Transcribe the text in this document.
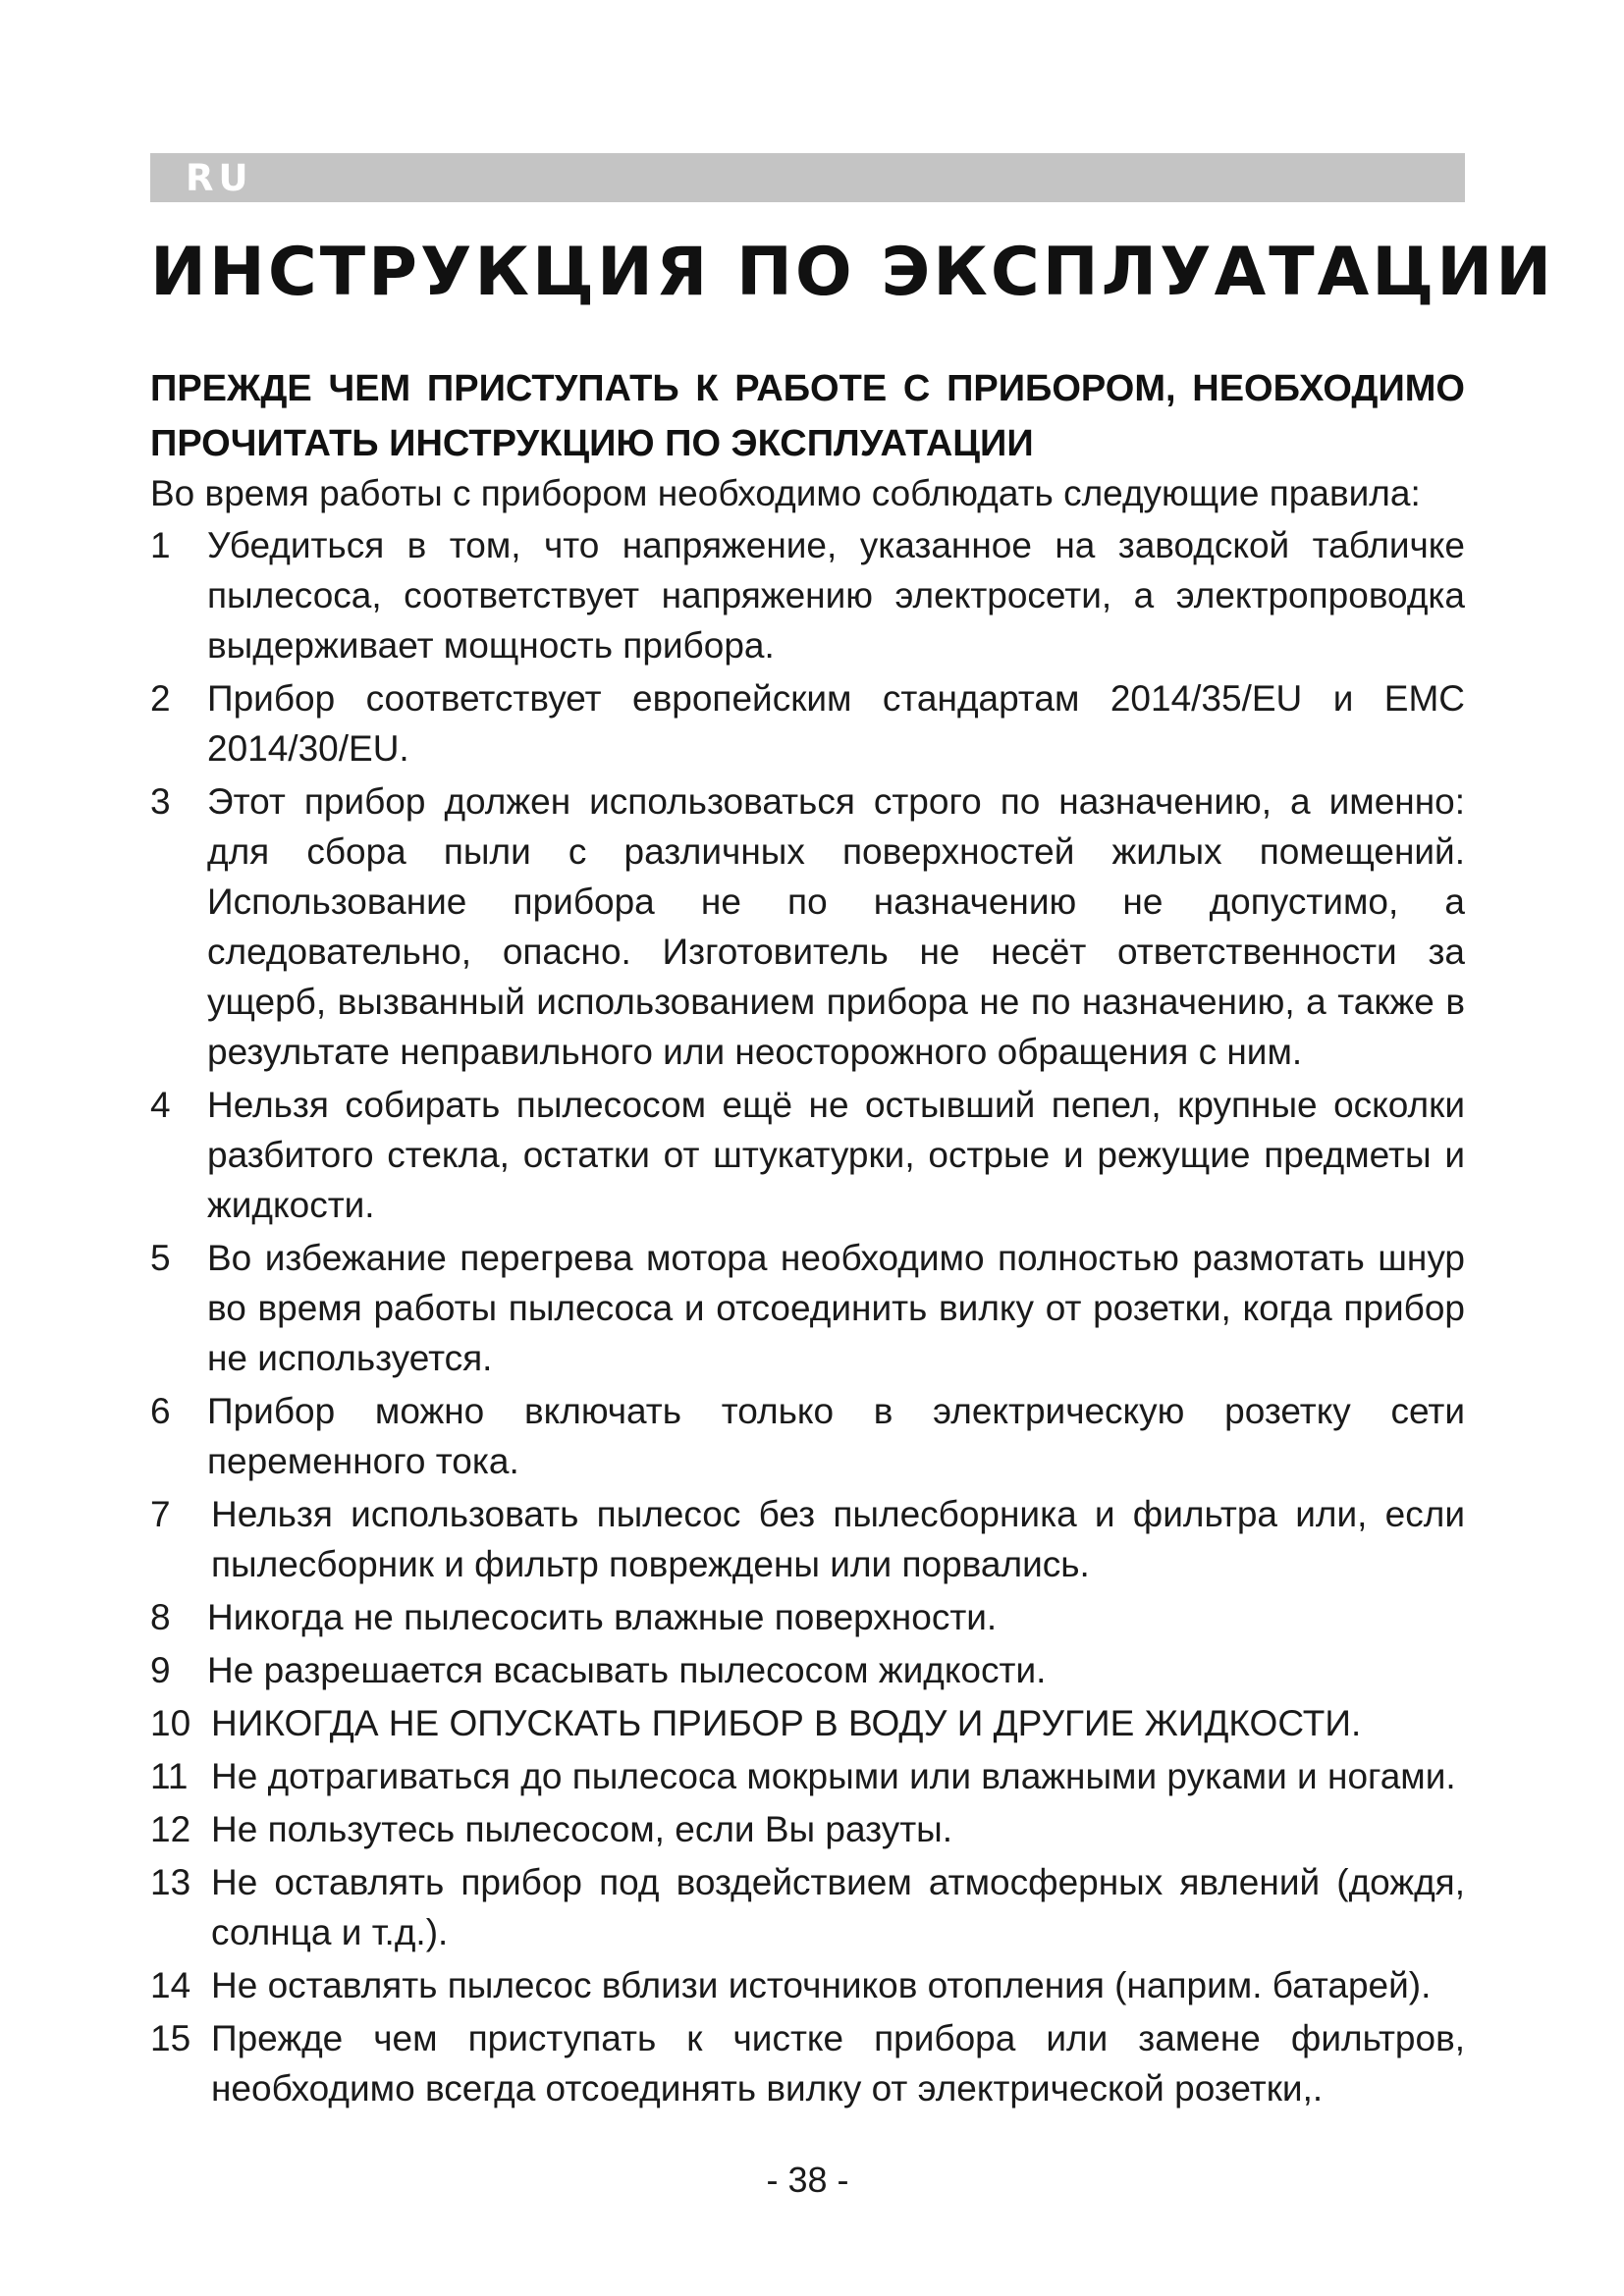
RU
ИНСТРУКЦИЯ ПО ЭКСПЛУАТАЦИИ

ПРЕЖДЕ ЧЕМ ПРИСТУПАТЬ К РАБОТЕ С ПРИБОРОМ, НЕОБХОДИМО ПРОЧИТАТЬ ИНСТРУКЦИЮ ПО ЭКСПЛУАТАЦИИ

Во время работы с прибором необходимо соблюдать следующие правила:

1	Убедиться в том, что напряжение, указанное на заводской табличке пылесоса, соответствует напряжению электросети, а электропроводка выдерживает мощность прибора.
2	Прибор соответствует европейским стандартам 2014/35/EU и EMC 2014/30/EU.
3	Этот прибор должен использоваться строго по назначению, а именно: для сбора пыли с различных поверхностей жилых помещений. Использование прибора не по назначению не допустимо, а следовательно, опасно. Изготовитель не несёт ответственности за ущерб, вызванный использованием прибора не по назначению, а также в результате неправильного или неосторожного обращения с ним.
4	Нельзя собирать пылесосом ещё не остывший пепел, крупные осколки разбитого стекла, остатки от штукатурки, острые и режущие предметы и жидкости.
5	Во избежание перегрева мотора необходимо полностью размотать шнур во время работы пылесоса и отсоединить вилку от розетки, когда прибор не используется.
6	Прибор можно включать только в электрическую розетку сети переменного тока.
7	Нельзя использовать пылесос без пылесборника и фильтра или, если пылесборник и фильтр повреждены или порвались.
8	Никогда не пылесосить влажные поверхности.
9	Не разрешается всасывать пылесосом жидкости.
10 НИКОГДА НЕ ОПУСКАТЬ ПРИБОР В ВОДУ И ДРУГИЕ ЖИДКОСТИ.
11 Не дотрагиваться до пылесоса мокрыми или влажными руками и ногами.
12 Не пользутесь пылесосом, если Вы разуты.
13 Не оставлять прибор под воздействием атмосферных явлений (дождя, солнца и т.д.).
14 Не оставлять пылесос вблизи источников отопления (наприм. батарей).
15 Прежде чем приступать к чистке прибора или замене фильтров, необходимо всегда отсоединять вилку от электрической розетки,.

- 38 -
